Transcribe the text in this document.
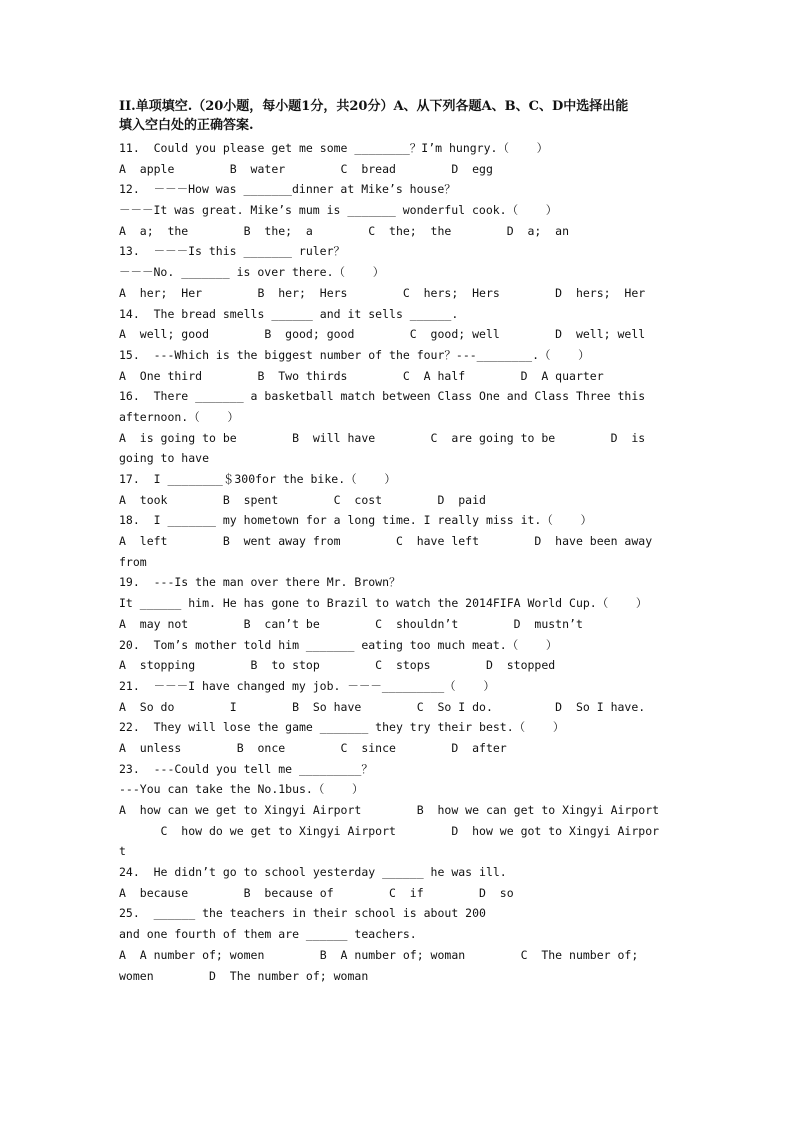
II.单项填空.（20小题，每小题1分，共20分）A、从下列各题A、B、C、D中选择出能
填入空白处的正确答案.
11.  Could you please get me some ________？I’m hungry.（    ）
A  apple        B  water        C  bread        D  egg
12.  －－－How was _______dinner at Mike’s house？
－－－It was great. Mike’s mum is _______ wonderful cook.（    ）
A  a;  the        B  the;  a        C  the;  the        D  a;  an
13.  －－－Is this _______ ruler？
－－－No. _______ is over there.（    ）
A  her;  Her        B  her;  Hers        C  hers;  Hers        D  hers;  Her
14.  The bread smells ______ and it sells ______.
A  well; good        B  good; good        C  good; well        D  well; well
15.  ---Which is the biggest number of the four？---________.（    ）
A  One third        B  Two thirds        C  A half        D  A quarter
16.  There _______ a basketball match between Class One and Class Three this
afternoon.（    ）
A  is going to be        B  will have        C  are going to be        D  is
going to have
17.  I ________＄300for the bike.（    ）
A  took        B  spent        C  cost        D  paid
18.  I _______ my hometown for a long time. I really miss it.（    ）
A  left        B  went away from        C  have left        D  have been away
from
19.  ---Is the man over there Mr. Brown？
It ______ him. He has gone to Brazil to watch the 2014FIFA World Cup.（    ）
A  may not        B  can’t be        C  shouldn’t        D  mustn’t
20.  Tom’s mother told him _______ eating too much meat.（    ）
A  stopping        B  to stop        C  stops        D  stopped
21.  －－－I have changed my job. －－－_________（    ）
A  So do        I        B  So have        C  So I do.         D  So I have.
22.  They will lose the game _______ they try their best.（    ）
A  unless        B  once        C  since        D  after
23.  ---Could you tell me _________？
---You can take the No.1bus.（    ）
A  how can we get to Xingyi Airport        B  how we can get to Xingyi Airport
C  how do we get to Xingyi Airport        D  how we got to Xingyi Airpor
t
24.  He didn’t go to school yesterday ______ he was ill.
A  because        B  because of        C  if        D  so
25.  ______ the teachers in their school is about 200
and one fourth of them are ______ teachers.
A  A number of; women        B  A number of; woman        C  The number of;
women        D  The number of; woman
